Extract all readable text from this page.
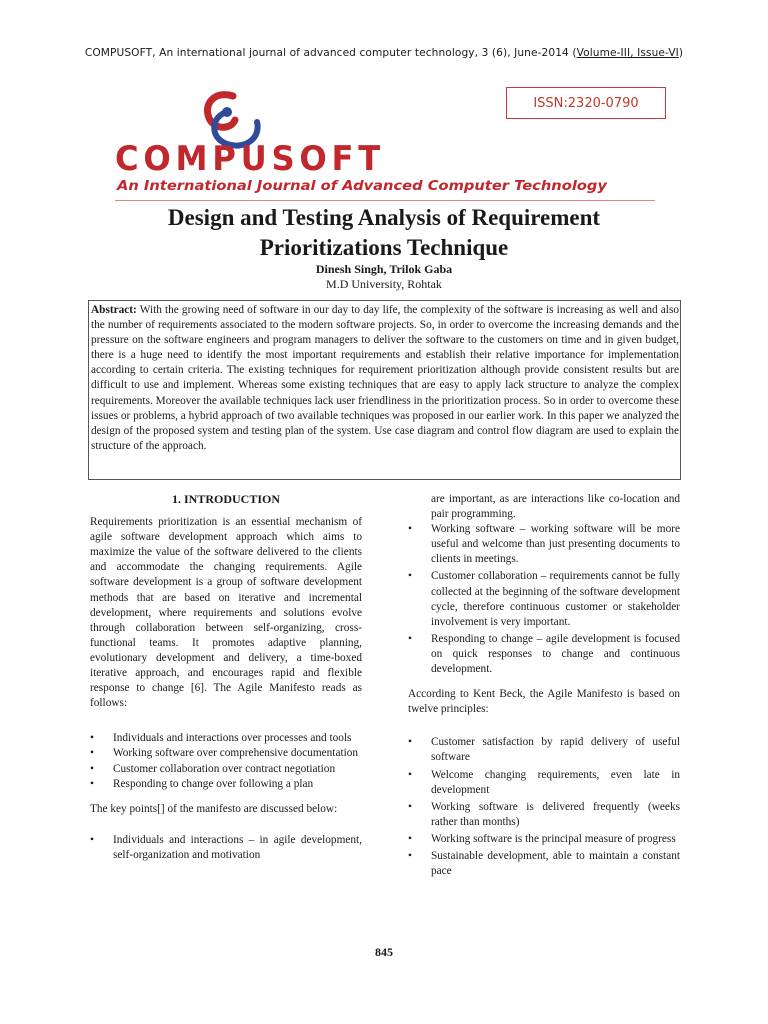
COMPUSOFT, An international journal of advanced computer technology, 3 (6), June-2014 (Volume-III, Issue-VI)
ISSN:2320-0790
COMPUSOFT
An International Journal of Advanced Computer Technology
Design and Testing Analysis of Requirement
Prioritizations Technique
Dinesh Singh, Trilok Gaba
M.D University, Rohtak
Abstract: With the growing need of software in our day to day life, the complexity of the software is increasing as well and also the number of requirements associated to the modern software projects. So, in order to overcome the increasing demands and the pressure on the software engineers and program managers to deliver the software to the customers on time and in given budget, there is a huge need to identify the most important requirements and establish their relative importance for implementation according to certain criteria. The existing techniques for requirement prioritization although provide consistent results but are difficult to use and implement. Whereas some existing techniques that are easy to apply lack structure to analyze the complex requirements. Moreover the available techniques lack user friendliness in the prioritization process. So in order to overcome these issues or problems, a hybrid approach of two available techniques was proposed in our earlier work. In this paper we analyzed the design of the proposed system and testing plan of the system. Use case diagram and control flow diagram are used to explain the structure of the approach.
1. INTRODUCTION

Requirements prioritization is an essential mechanism of agile software development approach which aims to maximize the value of the software delivered to the clients and accommodate the changing requirements. Agile software development is a group of software development methods that are based on iterative and incremental development, where requirements and solutions evolve through collaboration between self-organizing, cross-functional teams. It promotes adaptive planning, evolutionary development and delivery, a time-boxed iterative approach, and encourages rapid and flexible response to change [6]. The Agile Manifesto reads as follows:

• Individuals and interactions over processes and tools
• Working software over comprehensive documentation
• Customer collaboration over contract negotiation
• Responding to change over following a plan

The key points[] of the manifesto are discussed below:

• Individuals and interactions – in agile development, self-organization and motivation

are important, as are interactions like co-location and pair programming.

• Working software – working software will be more useful and welcome than just presenting documents to clients in meetings.
• Customer collaboration – requirements cannot be fully collected at the beginning of the software development cycle, therefore continuous customer or stakeholder involvement is very important.
• Responding to change – agile development is focused on quick responses to change and continuous development.

According to Kent Beck, the Agile Manifesto is based on twelve principles:

• Customer satisfaction by rapid delivery of useful software
• Welcome changing requirements, even late in development
• Working software is delivered frequently (weeks rather than months)
• Working software is the principal measure of progress
• Sustainable development, able to maintain a constant pace
845
